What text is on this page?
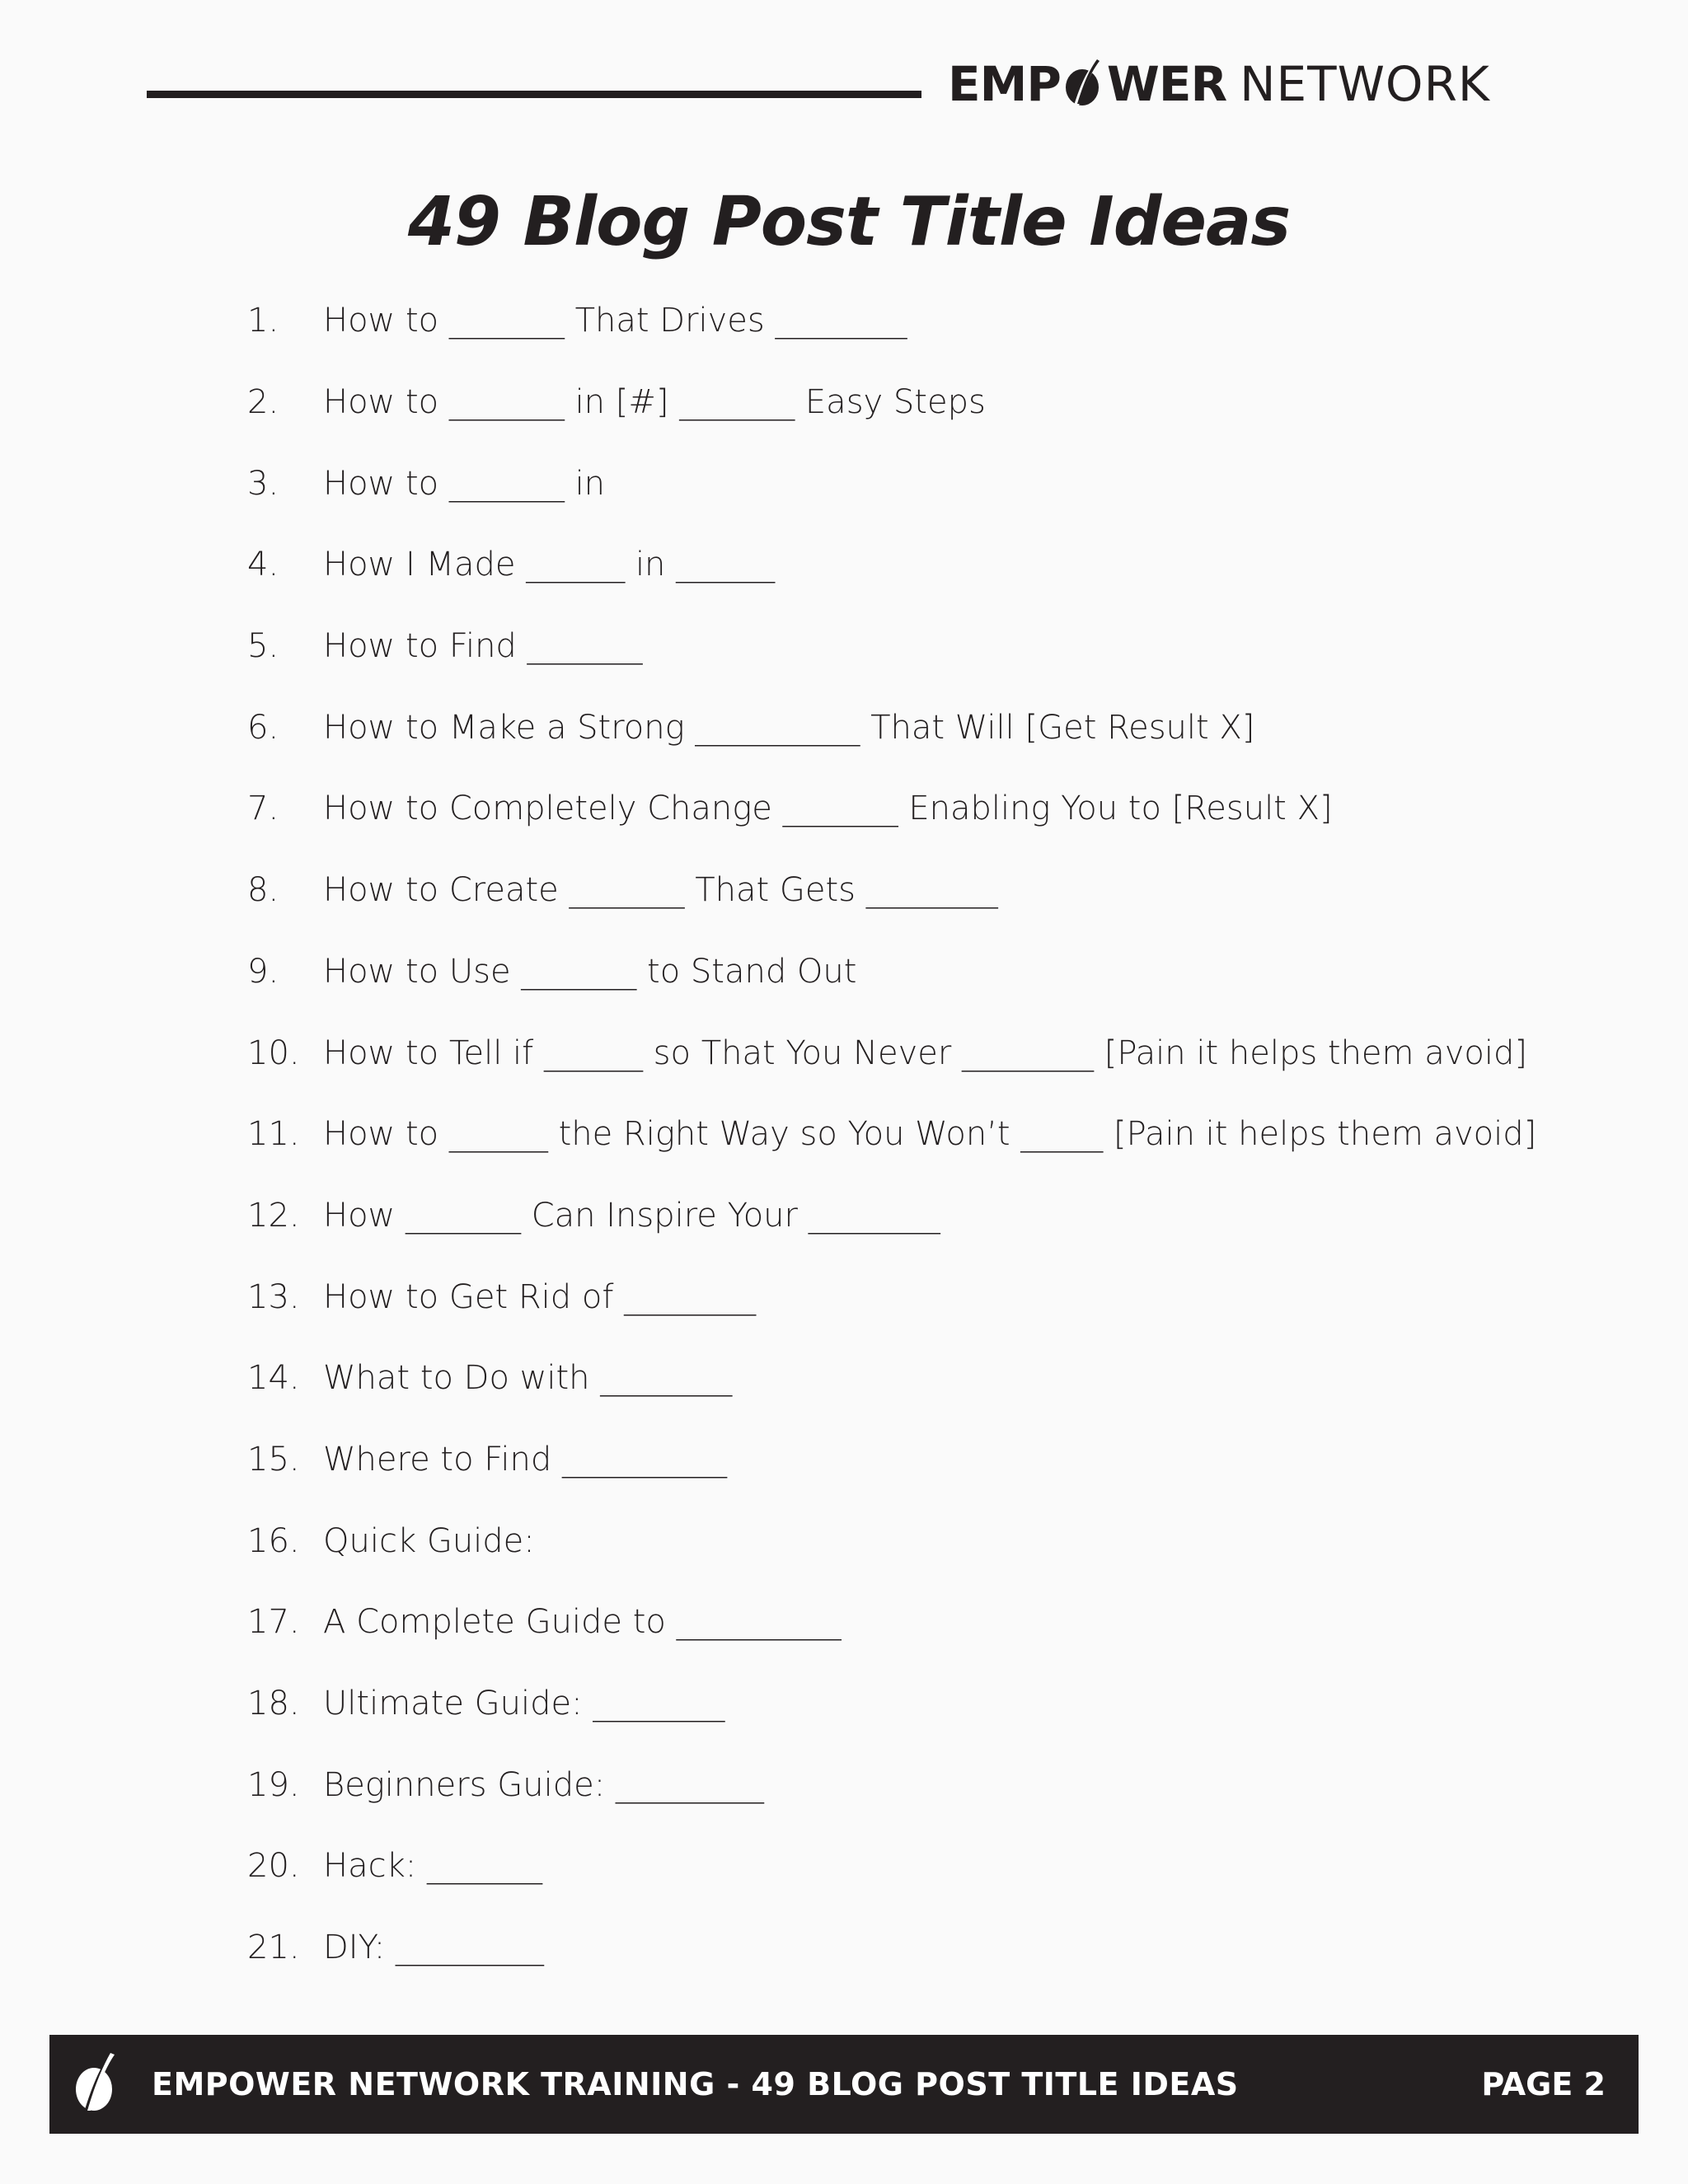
EMP WER NETWORK
49 Blog Post Title Ideas
1.	How to _______ That Drives ________
2.	How to _______ in [#] _______ Easy Steps
3.	How to _______ in
4.	How I Made ______ in ______
5.	How to Find _______
6.	How to Make a Strong __________ That Will [Get Result X]
7.	How to Completely Change _______ Enabling You to [Result X]
8.	How to Create _______ That Gets ________
9.	How to Use _______ to Stand Out
10. How to Tell if ______ so That You Never ________ [Pain it helps them avoid]
11. How to ______ the Right Way so You Won’t _____ [Pain it helps them avoid]
12. How _______ Can Inspire Your ________
13. How to Get Rid of ________
14. What to Do with ________
15. Where to Find __________
16. Quick Guide:
17. A Complete Guide to __________
18. Ultimate Guide: ________
19. Beginners Guide: _________
20. Hack: _______
21. DIY: _________
EMPOWER NETWORK TRAINING - 49 BLOG POST TITLE IDEAS	PAGE 2
